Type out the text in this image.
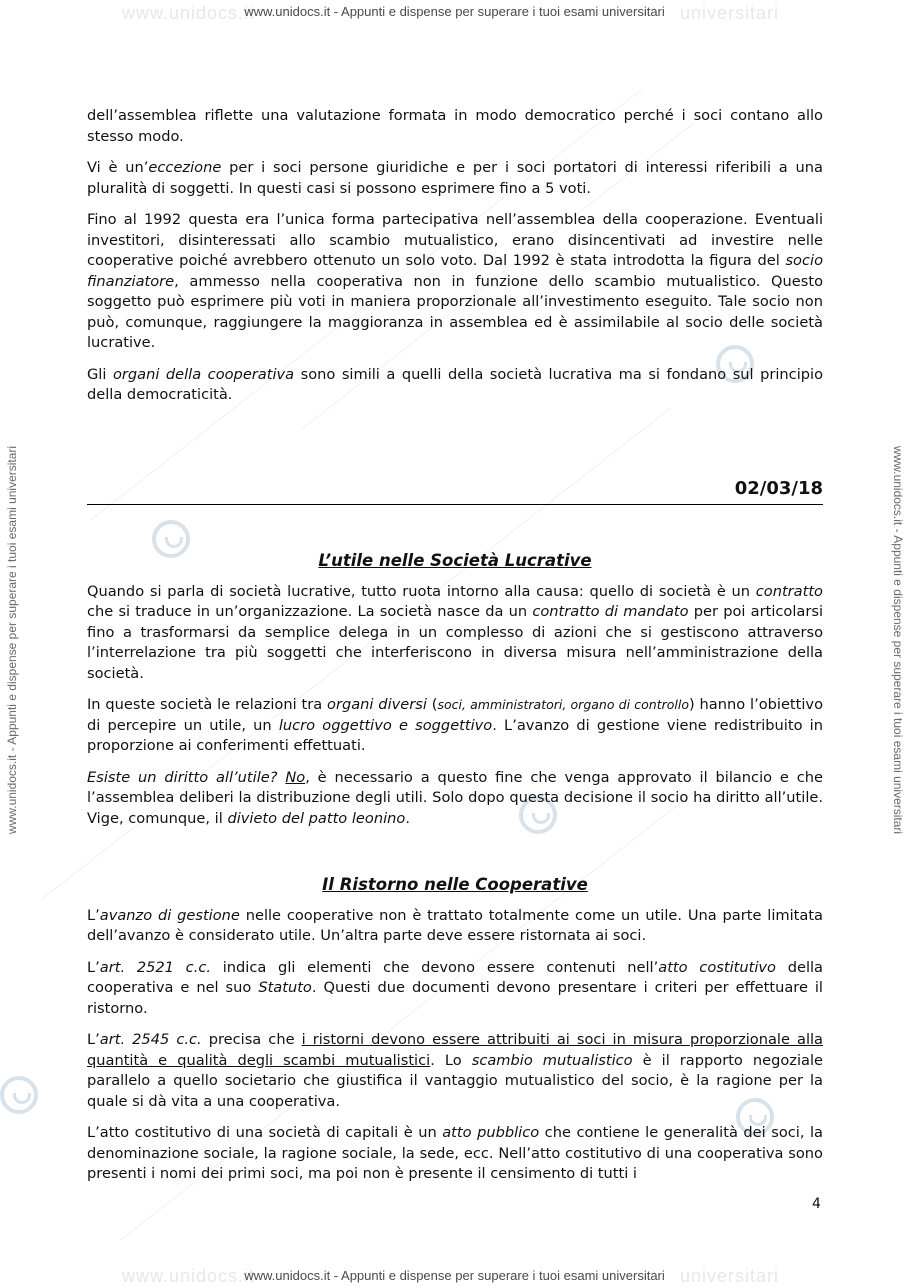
www.unidocs.it	universitari
www.unidocs.it	universitari
www.unidocs.it - Appunti e dispense per superare i tuoi esami universitari
www.unidocs.it - Appunti e dispense per superare i tuoi esami universitari
www.unidocs.it - Appunti e dispense per superare i tuoi esami universitari	www.unidocs.it - Appunti e dispense per superare i tuoi esami universitari

dell’assemblea riflette una valutazione formata in modo democratico perché i soci contano allo stesso modo.

Vi è un’eccezione per i soci persone giuridiche e per i soci portatori di interessi riferibili a una pluralità di soggetti. In questi casi si possono esprimere fino a 5 voti.

Fino al 1992 questa era l’unica forma partecipativa nell’assemblea della cooperazione. Eventuali investitori, disinteressati allo scambio mutualistico, erano disincentivati ad investire nelle cooperative poiché avrebbero ottenuto un solo voto. Dal 1992 è stata introdotta la figura del socio finanziatore, ammesso nella cooperativa non in funzione dello scambio mutualistico. Questo soggetto può esprimere più voti in maniera proporzionale all’investimento eseguito. Tale socio non può, comunque, raggiungere la maggioranza in assemblea ed è assimilabile al socio delle società lucrative.

Gli organi della cooperativa sono simili a quelli della società lucrativa ma si fondano sul principio della democraticità.

02/03/18

L’utile nelle Società Lucrative

Quando si parla di società lucrative, tutto ruota intorno alla causa: quello di società è un contratto che si traduce in un’organizzazione. La società nasce da un contratto di mandato per poi articolarsi fino a trasformarsi da semplice delega in un complesso di azioni che si gestiscono attraverso l’interrelazione tra più soggetti che interferiscono in diversa misura nell’amministrazione della società.

In queste società le relazioni tra organi diversi (soci, amministratori, organo di controllo) hanno l’obiettivo di percepire un utile, un lucro oggettivo e soggettivo. L’avanzo di gestione viene redistribuito in proporzione ai conferimenti effettuati.

Esiste un diritto all’utile? No, è necessario a questo fine che venga approvato il bilancio e che l’assemblea deliberi la distribuzione degli utili. Solo dopo questa decisione il socio ha diritto all’utile. Vige, comunque, il divieto del patto leonino.

Il Ristorno nelle Cooperative

L’avanzo di gestione nelle cooperative non è trattato totalmente come un utile. Una parte limitata dell’avanzo è considerato utile. Un’altra parte deve essere ristornata ai soci.

L’art. 2521 c.c. indica gli elementi che devono essere contenuti nell’atto costitutivo della cooperativa e nel suo Statuto. Questi due documenti devono presentare i criteri per effettuare il ristorno.

L’art. 2545 c.c. precisa che i ristorni devono essere attribuiti ai soci in misura proporzionale alla quantità e qualità degli scambi mutualistici. Lo scambio mutualistico è il rapporto negoziale parallelo a quello societario che giustifica il vantaggio mutualistico del socio, è la ragione per la quale si dà vita a una cooperativa.

L’atto costitutivo di una società di capitali è un atto pubblico che contiene le generalità dei soci, la denominazione sociale, la ragione sociale, la sede, ecc. Nell’atto costitutivo di una cooperativa sono presenti i nomi dei primi soci, ma poi non è presente il censimento di tutti i

4
